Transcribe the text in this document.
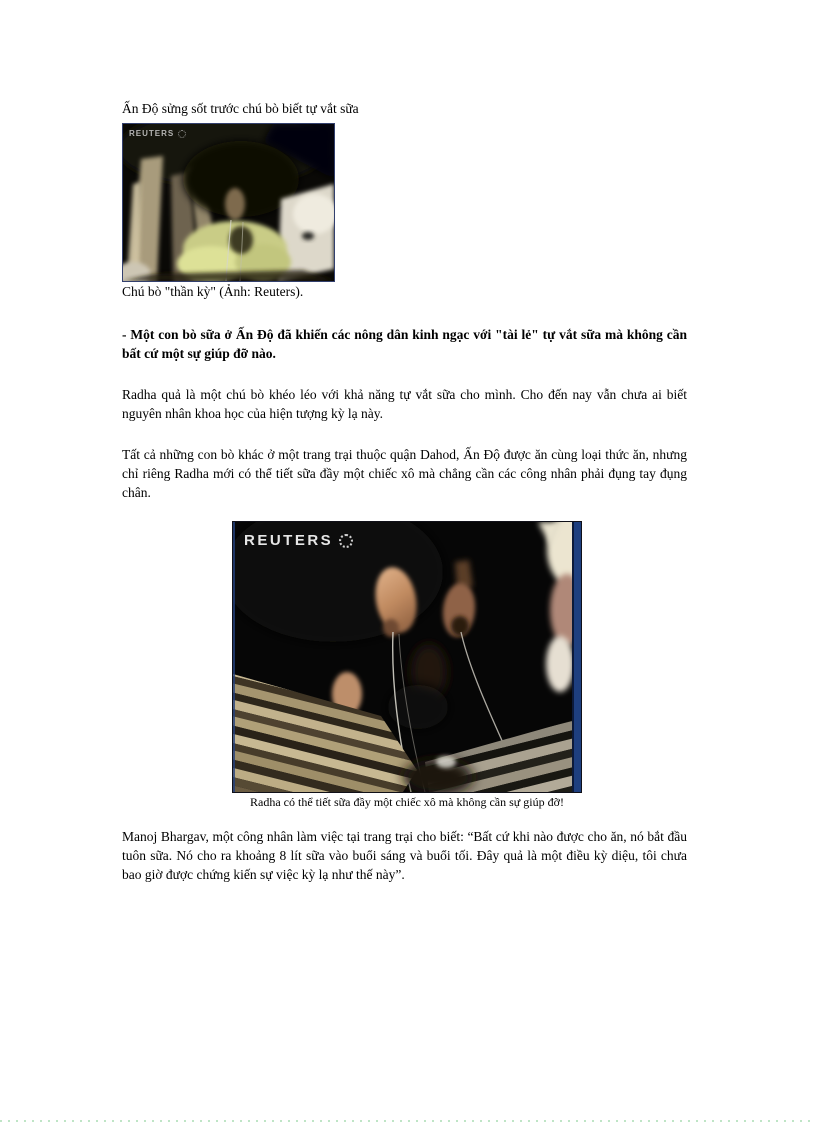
Ấn Độ sửng sốt trước chú bò biết tự vắt sữa
REUTERS
Chú bò "thần kỳ" (Ảnh: Reuters).

- Một con bò sữa ở Ấn Độ đã khiến các nông dân kinh ngạc với "tài lẻ" tự vắt sữa mà không cần bất cứ một sự giúp đỡ nào.

Radha quả là một chú bò khéo léo với khả năng tự vắt sữa cho mình. Cho đến nay vẫn chưa ai biết nguyên nhân khoa học của hiện tượng kỳ lạ này.

Tất cả những con bò khác ở một trang trại thuộc quận Dahod, Ấn Độ được ăn cùng loại thức ăn, nhưng chỉ riêng Radha mới có thể tiết sữa đầy một chiếc xô mà chẳng cần các công nhân phải đụng tay đụng chân.

REUTERS
Radha có thể tiết sữa đầy một chiếc xô mà không cần sự giúp đỡ!

Manoj Bhargav, một công nhân làm việc tại trang trại cho biết: “Bất cứ khi nào được cho ăn, nó bắt đầu tuôn sữa. Nó cho ra khoảng 8 lít sữa vào buổi sáng và buổi tối. Đây quả là một điều kỳ diệu, tôi chưa bao giờ được chứng kiến sự việc kỳ lạ như thế này”.
